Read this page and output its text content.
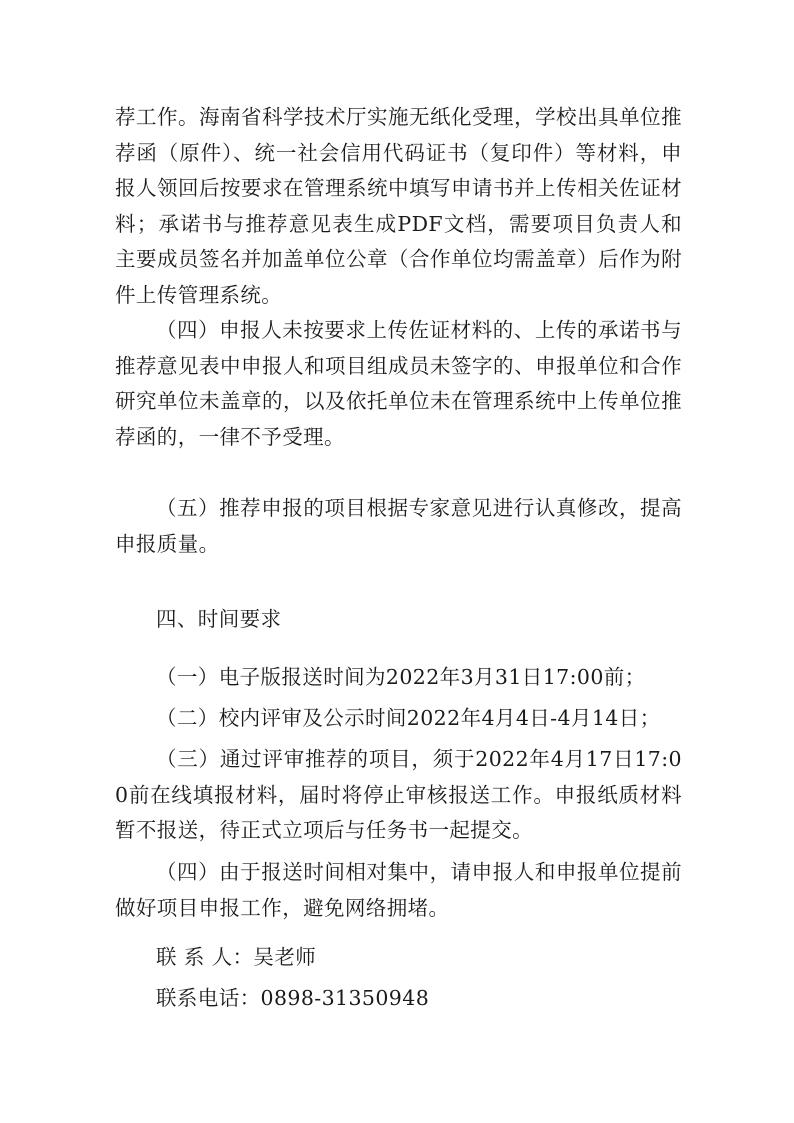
荐工作。海南省科学技术厅实施无纸化受理，学校出具单位推荐函（原件）、统一社会信用代码证书（复印件）等材料，申报人领回后按要求在管理系统中填写申请书并上传相关佐证材料；承诺书与推荐意见表生成PDF文档，需要项目负责人和主要成员签名并加盖单位公章（合作单位均需盖章）后作为附件上传管理系统。

（四）申报人未按要求上传佐证材料的、上传的承诺书与推荐意见表中申报人和项目组成员未签字的、申报单位和合作研究单位未盖章的，以及依托单位未在管理系统中上传单位推荐函的，一律不予受理。

（五）推荐申报的项目根据专家意见进行认真修改，提高申报质量。

四、时间要求

（一）电子版报送时间为2022年3月31日17:00前；

（二）校内评审及公示时间2022年4月4日-4月14日；

（三）通过评审推荐的项目，须于2022年4月17日17:00前在线填报材料，届时将停止审核报送工作。申报纸质材料暂不报送，待正式立项后与任务书一起提交。

（四）由于报送时间相对集中，请申报人和申报单位提前做好项目申报工作，避免网络拥堵。

联 系 人：吴老师

联系电话：0898-31350948
